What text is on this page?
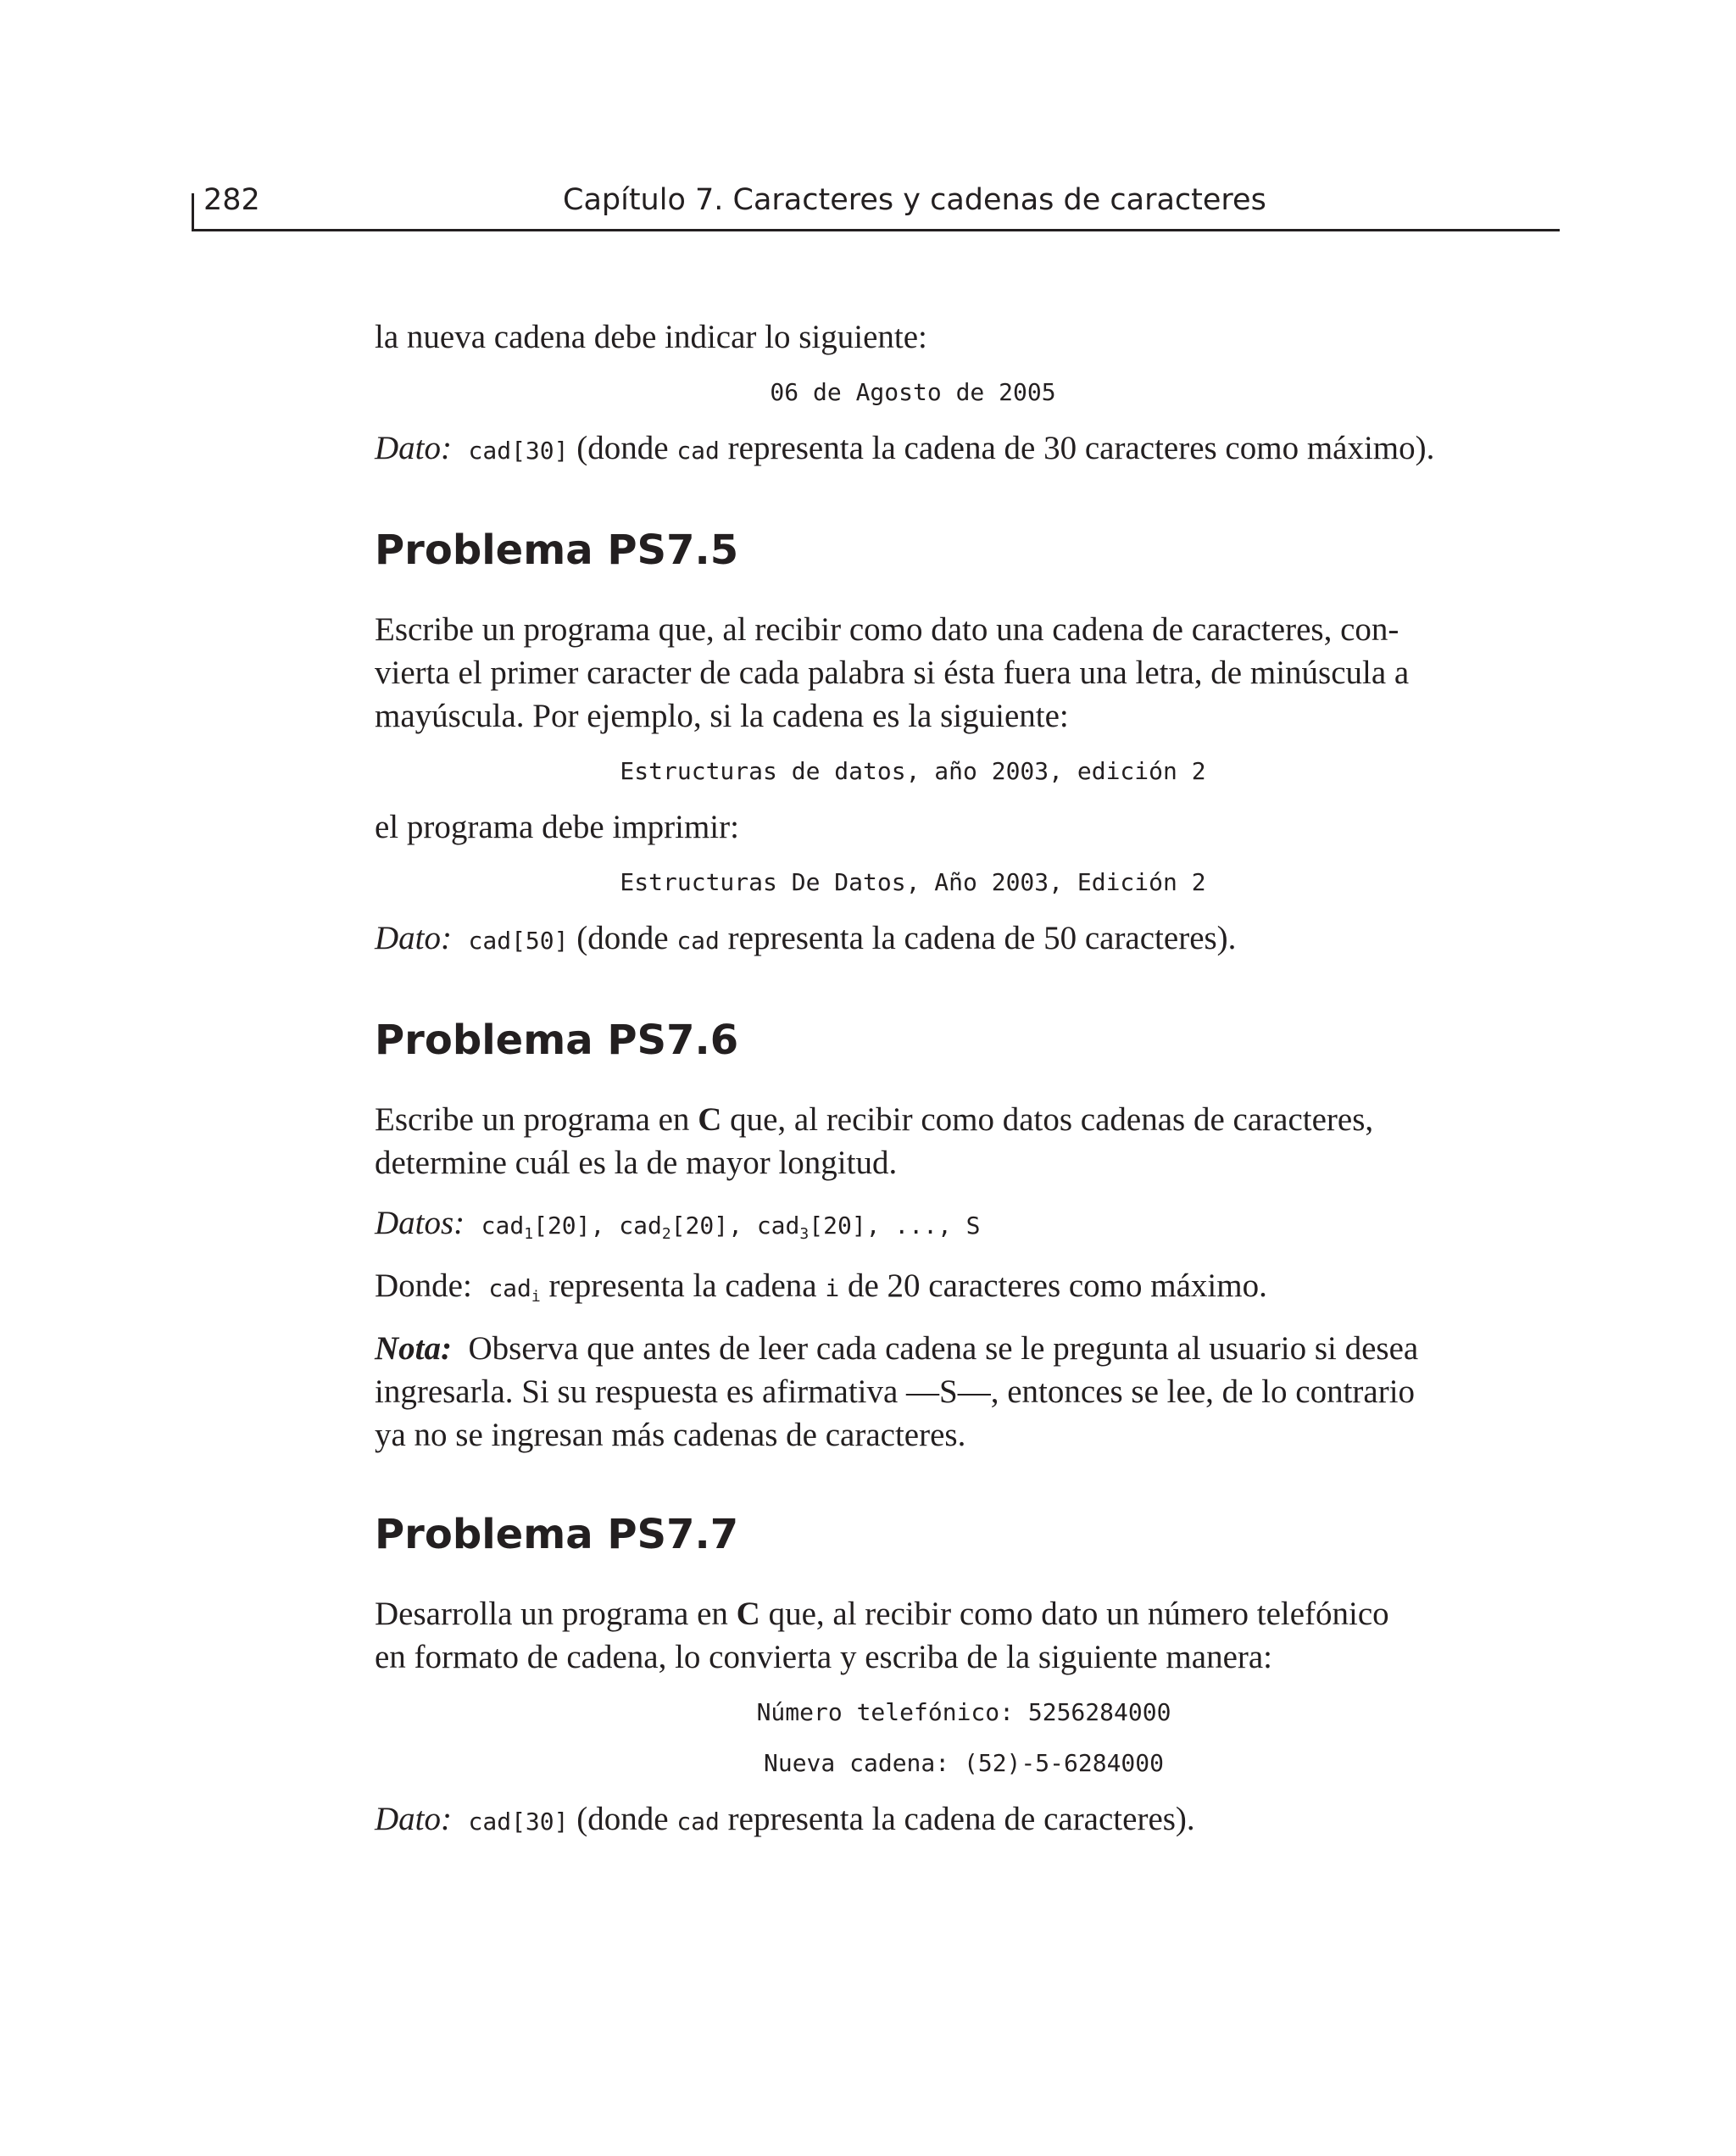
282	Capítulo 7. Caracteres y cadenas de caracteres

la nueva cadena debe indicar lo siguiente:

06 de Agosto de 2005

Dato: cad[30] (donde cad representa la cadena de 30 caracteres como máximo).

Problema PS7.5

Escribe un programa que, al recibir como dato una cadena de caracteres, con-
vierta el primer caracter de cada palabra si ésta fuera una letra, de minúscula a
mayúscula. Por ejemplo, si la cadena es la siguiente:

Estructuras de datos, año 2003, edición 2

el programa debe imprimir:

Estructuras De Datos, Año 2003, Edición 2

Dato: cad[50] (donde cad representa la cadena de 50 caracteres).

Problema PS7.6

Escribe un programa en C que, al recibir como datos cadenas de caracteres,
determine cuál es la de mayor longitud.

Datos: cad$_1$[20], cad$_2$[20], cad$_3$[20], ..., S

Donde: cad$_i$ representa la cadena i de 20 caracteres como máximo.

Nota: Observa que antes de leer cada cadena se le pregunta al usuario si desea
ingresarla. Si su respuesta es afirmativa —S—, entonces se lee, de lo contrario
ya no se ingresan más cadenas de caracteres.

Problema PS7.7

Desarrolla un programa en C que, al recibir como dato un número telefónico
en formato de cadena, lo convierta y escriba de la siguiente manera:

Número telefónico: 5256284000
Nueva cadena: (52)-5-6284000

Dato: cad[30] (donde cad representa la cadena de caracteres).
